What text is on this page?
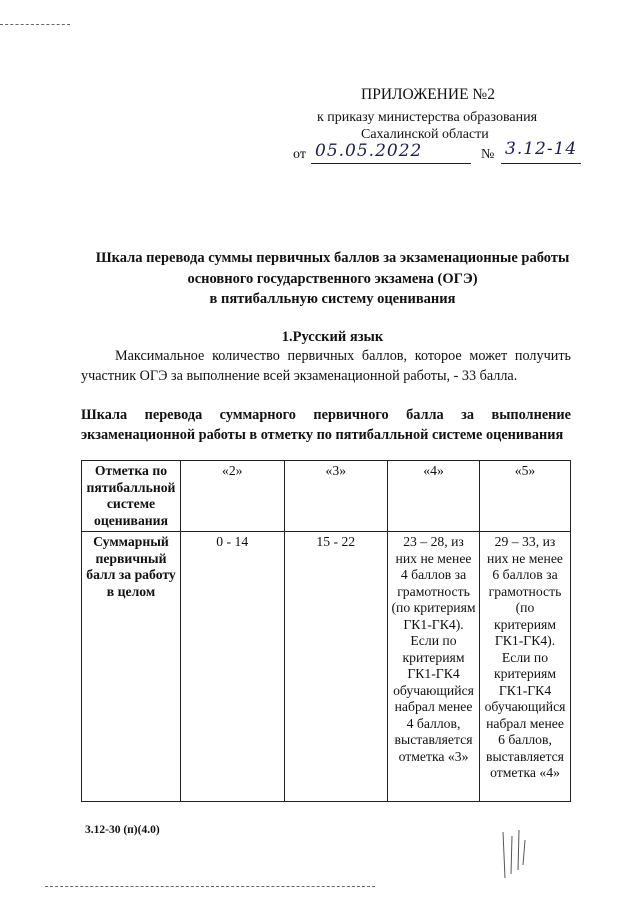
ПРИЛОЖЕНИЕ №2
к приказу министерства образования
Сахалинской области
от 05.05.2022	№ 3.12-14
Шкала перевода суммы первичных баллов за экзаменационные работы
основного государственного экзамена (ОГЭ)
в пятибалльную систему оценивания
1.Русский язык
Максимальное количество первичных баллов, которое может получить участник ОГЭ за выполнение всей экзаменационной работы, - 33 балла.
Шкала перевода суммарного первичного балла за выполнение
экзаменационной работы в отметку по пятибалльной системе оценивания
Отметка по пятибалльной системе оценивания	«2»	«3»	«4»	«5»
Суммарный первичный балл за работу в целом	0 - 14	15 - 22	23 – 28, из них не менее 4 баллов за грамотность (по критериям ГК1-ГК4). Если по критериям ГК1-ГК4 обучающийся набрал менее 4 баллов, выставляется отметка «3»	29 – 33, из них не менее 6 баллов за грамотность (по критериям ГК1-ГК4). Если по критериям ГК1-ГК4 обучающийся набрал менее 6 баллов, выставляется отметка «4»
3.12-30 (п)(4.0)
